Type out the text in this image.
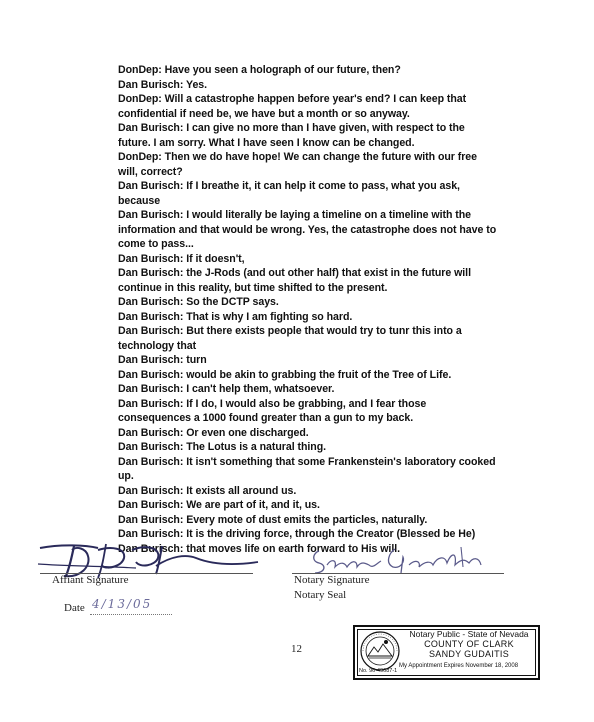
DonDep: Have you seen a holograph of our future, then?

Dan Burisch: Yes.

DonDep: Will a catastrophe happen before year's end? I can keep that confidential if need be, we have but a month or so anyway.

Dan Burisch: I can give no more than I have given, with respect to the future. I am sorry. What I have seen I know can be changed.

DonDep: Then we do have hope! We can change the future with our free will, correct?

Dan Burisch: If I breathe it, it can help it come to pass, what you ask, because

Dan Burisch: I would literally be laying a timeline on a timeline with the information and that would be wrong. Yes, the catastrophe does not have to come to pass...

Dan Burisch: If it doesn't,

Dan Burisch: the J-Rods (and out other half) that exist in the future will continue in this reality, but time shifted to the present.

Dan Burisch: So the DCTP says.

Dan Burisch: That is why I am fighting so hard.

Dan Burisch: But there exists people that would try to tunr this into a technology that

Dan Burisch: turn

Dan Burisch: would be akin to grabbing the fruit of the Tree of Life.

Dan Burisch: I can't help them, whatsoever.

Dan Burisch: If I do, I would also be grabbing, and I fear those consequences a 1000 found greater than a gun to my back.

Dan Burisch: Or even one discharged.

Dan Burisch: The Lotus is a natural thing.

Dan Burisch: It isn't something that some Frankenstein's laboratory cooked up.

Dan Burisch: It exists all around us.

Dan Burisch: We are part of it, and it, us.

Dan Burisch: Every mote of dust emits the particles, naturally.

Dan Burisch: It is the driving force, through the Creator (Blessed be He)

Dan Burisch: that moves life on earth forward to His will.

Affiant Signature	Notary Signature
Notary Seal
Date 4/13/05
12
Notary Public - State of Nevada
COUNTY OF CLARK
SANDY GUDAITIS
My Appointment Expires November 18, 2008
No. 96-49687-1
